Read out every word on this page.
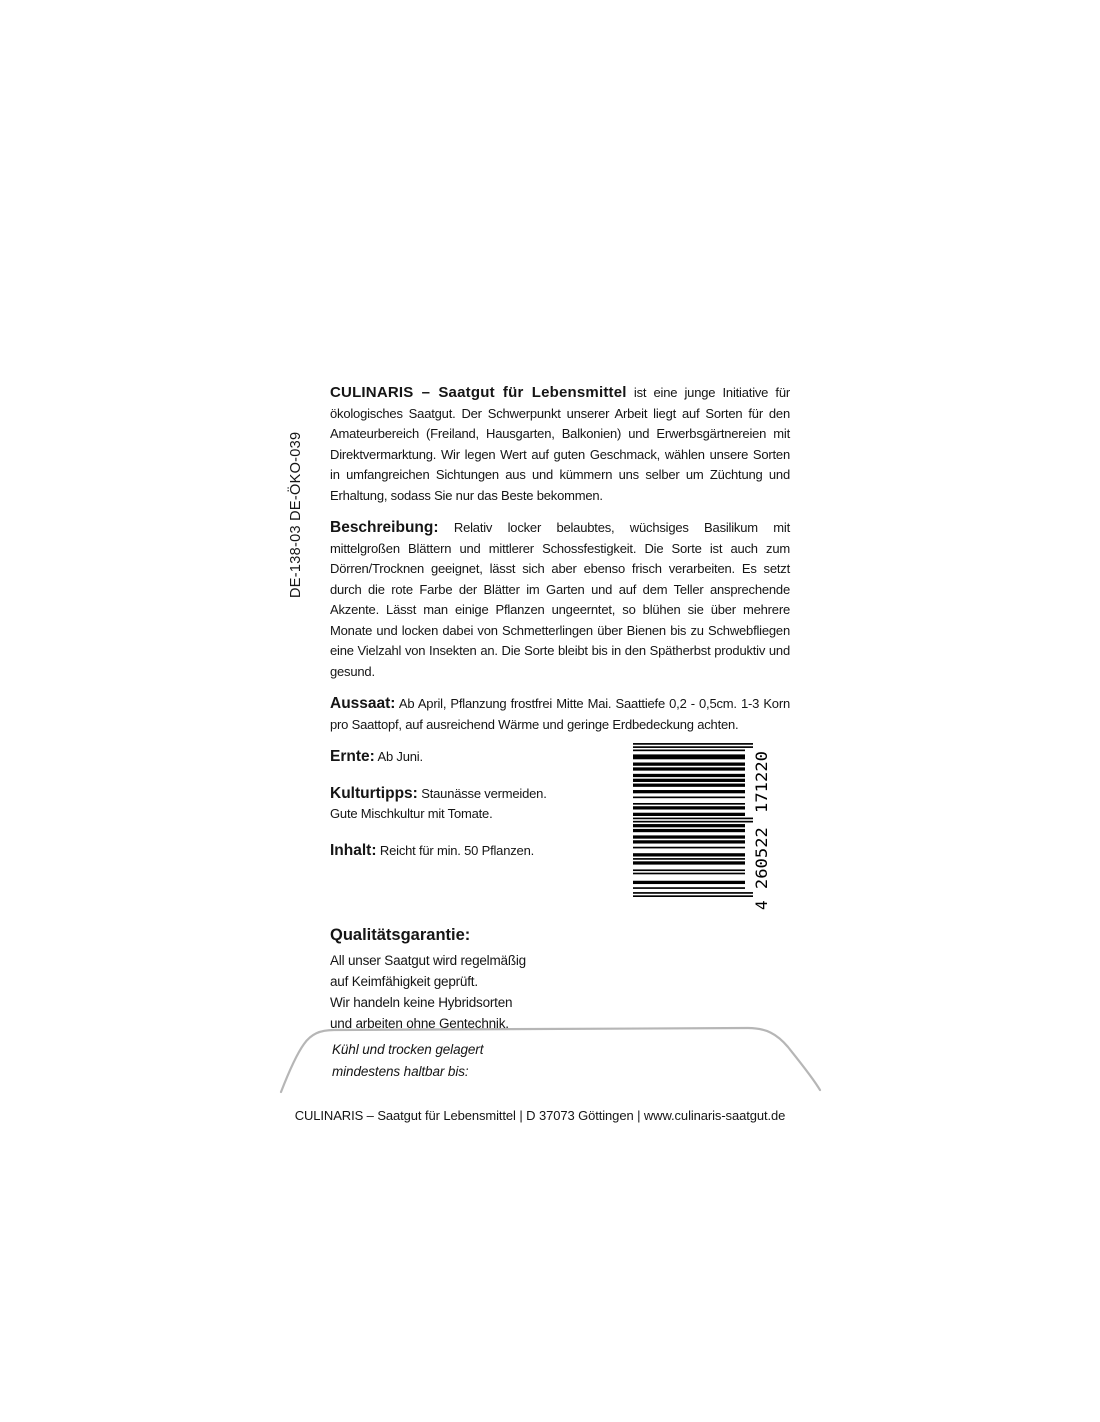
DE-138-03 DE-ÖKO-039

CULINARIS – Saatgut für Lebensmittel ist eine junge Initiative für ökologisches Saatgut. Der Schwerpunkt unserer Arbeit liegt auf Sorten für den Amateurbereich (Freiland, Hausgarten, Balkonien) und Erwerbsgärtnereien mit Direktvermarktung. Wir legen Wert auf guten Geschmack, wählen unsere Sorten in umfangreichen Sichtungen aus und kümmern uns selber um Züchtung und Erhaltung, sodass Sie nur das Beste bekommen.

Beschreibung: Relativ locker belaubtes, wüchsiges Basilikum mit mittelgroßen Blättern und mittlerer Schossfestigkeit. Die Sorte ist auch zum Dörren/Trocknen geeignet, lässt sich aber ebenso frisch verarbeiten. Es setzt durch die rote Farbe der Blätter im Garten und auf dem Teller ansprechende Akzente. Lässt man einige Pflanzen ungeerntet, so blühen sie über mehrere Monate und locken dabei von Schmetterlingen über Bienen bis zu Schwebfliegen eine Vielzahl von Insekten an. Die Sorte bleibt bis in den Spätherbst produktiv und gesund.

Aussaat: Ab April, Pflanzung frostfrei Mitte Mai. Saattiefe 0,2 - 0,5cm. 1-3 Korn pro Saattopf, auf ausreichend Wärme und geringe Erdbedeckung achten.

Ernte: Ab Juni.

Kulturtipps: Staunässe vermeiden.
Gute Mischkultur mit Tomate.

Inhalt: Reicht für min. 50 Pflanzen.

4
260522
171220
Qualitätsgarantie:
All unser Saatgut wird regelmäßig
auf Keimfähigkeit geprüft.
Wir handeln keine Hybridsorten
und arbeiten ohne Gentechnik.
Kühl und trocken gelagert
mindestens haltbar bis:
CULINARIS – Saatgut für Lebensmittel | D 37073 Göttingen | www.culinaris-saatgut.de
